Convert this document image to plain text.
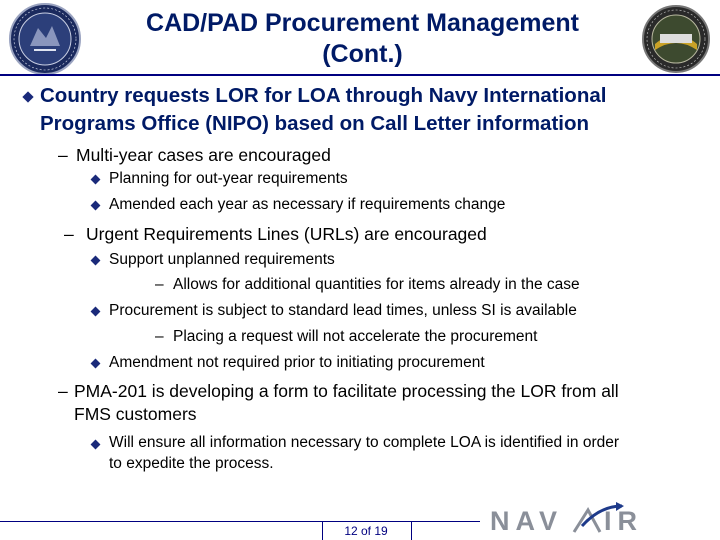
CAD/PAD Procurement Management
(Cont.)
Country requests LOR for LOA through Navy International
Programs Office (NIPO) based on Call Letter information
– Multi-year cases are encouraged
Planning for out-year requirements
Amended each year as necessary if requirements change
– Urgent Requirements Lines (URLs) are encouraged
Support unplanned requirements
– Allows for additional quantities for items already in the case
Procurement is subject to standard lead times, unless SI is available
– Placing a request will not accelerate the procurement
Amendment not required prior to initiating procurement
– PMA-201 is developing a form to facilitate processing the LOR from all
FMS customers
Will ensure all information necessary to complete LOA is identified in order
to expedite the process.
12 of 19	NAV IR
